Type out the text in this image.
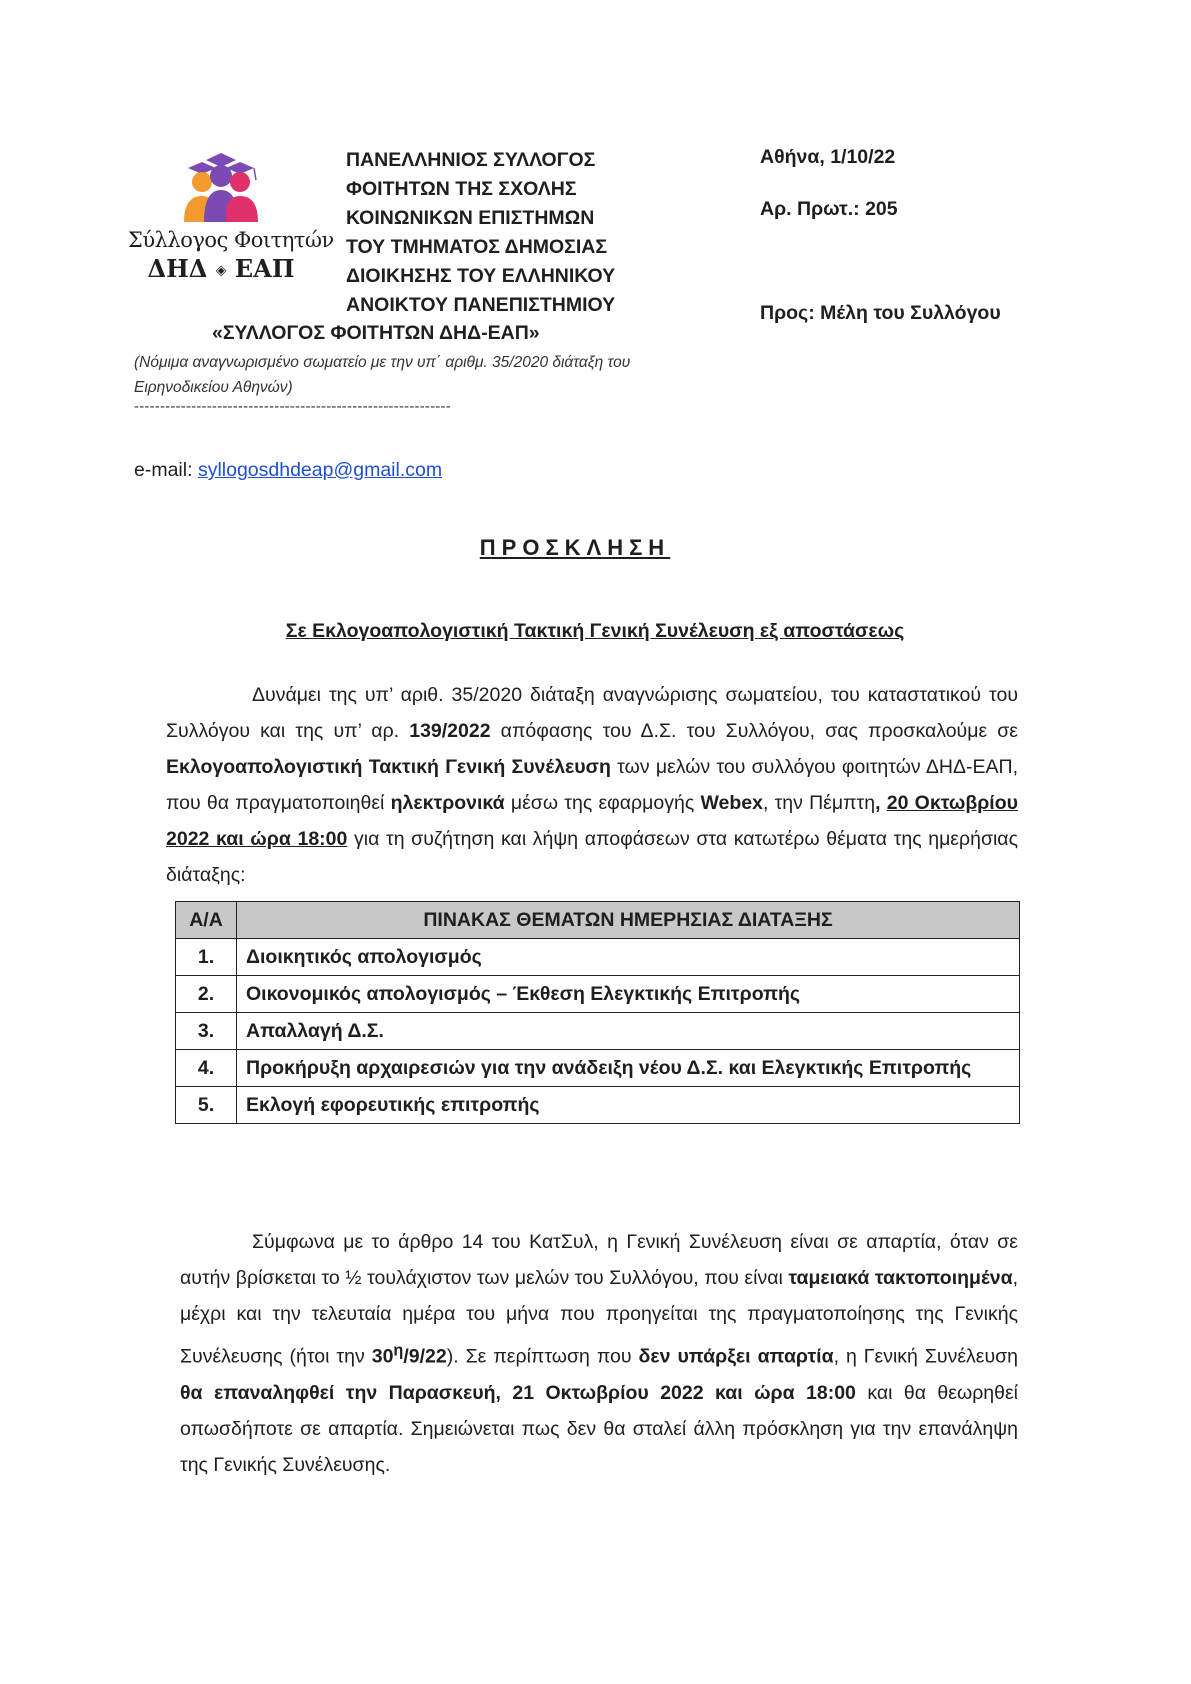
Σύλλογος Φοιτητών
ΔΗΔ ◈ ΕΑΠ
ΠΑΝΕΛΛΗΝΙΟΣ ΣΥΛΛΟΓΟΣ
ΦΟΙΤΗΤΩΝ ΤΗΣ ΣΧΟΛΗΣ
ΚΟΙΝΩΝΙΚΩΝ ΕΠΙΣΤΗΜΩΝ
ΤΟΥ ΤΜΗΜΑΤΟΣ ΔΗΜΟΣΙΑΣ
ΔΙΟΙΚΗΣΗΣ ΤΟΥ ΕΛΛΗΝΙΚΟΥ
ΑΝΟΙΚΤΟΥ ΠΑΝΕΠΙΣΤΗΜΙΟΥ
«ΣΥΛΛΟΓΟΣ ΦΟΙΤΗΤΩΝ ΔΗΔ-ΕΑΠ»
(Νόμιμα αναγνωρισμένο σωματείο με την υπ΄ αριθμ. 35/2020 διάταξη του Ειρηνοδικείου Αθηνών)
-------------------------------------------------------------
e-mail: syllogosdhdeap@gmail.com
Αθήνα, 1/10/22
Αρ. Πρωτ.: 205
Προς: Μέλη του Συλλόγου
ΠΡΟΣΚΛΗΣΗ
Σε Εκλογοαπολογιστική Τακτική Γενική Συνέλευση εξ αποστάσεως
Δυνάμει της υπ’ αριθ. 35/2020 διάταξη αναγνώρισης σωματείου, του καταστατικού του Συλλόγου και της υπ’ αρ. 139/2022 απόφασης του Δ.Σ. του Συλλόγου, σας προσκαλούμε σε Εκλογοαπολογιστική Τακτική Γενική Συνέλευση των μελών του συλλόγου φοιτητών ΔΗΔ-ΕΑΠ, που θα πραγματοποιηθεί ηλεκτρονικά μέσω της εφαρμογής Webex, την Πέμπτη, 20 Οκτωβρίου 2022 και ώρα 18:00 για τη συζήτηση και λήψη αποφάσεων στα κατωτέρω θέματα της ημερήσιας διάταξης:
Α/Α	ΠΙΝΑΚΑΣ ΘΕΜΑΤΩΝ ΗΜΕΡΗΣΙΑΣ ΔΙΑΤΑΞΗΣ
1.	Διοικητικός απολογισμός
2.	Οικονομικός απολογισμός – Έκθεση Ελεγκτικής Επιτροπής
3.	Απαλλαγή Δ.Σ.
4.	Προκήρυξη αρχαιρεσιών για την ανάδειξη νέου Δ.Σ. και Ελεγκτικής Επιτροπής
5.	Εκλογή εφορευτικής επιτροπής
Σύμφωνα με το άρθρο 14 του ΚατΣυλ, η Γενική Συνέλευση είναι σε απαρτία, όταν σε αυτήν βρίσκεται το ½ τουλάχιστον των μελών του Συλλόγου, που είναι ταμειακά τακτοποιημένα, μέχρι και την τελευταία ημέρα του μήνα που προηγείται της πραγματοποίησης της Γενικής Συνέλευσης (ήτοι την $30^\eta/9/22$). Σε περίπτωση που δεν υπάρξει απαρτία, η Γενική Συνέλευση θα επαναληφθεί την Παρασκευή, 21 Οκτωβρίου 2022 και ώρα 18:00 και θα θεωρηθεί οπωσδήποτε σε απαρτία. Σημειώνεται πως δεν θα σταλεί άλλη πρόσκληση για την επανάληψη της Γενικής Συνέλευσης.
